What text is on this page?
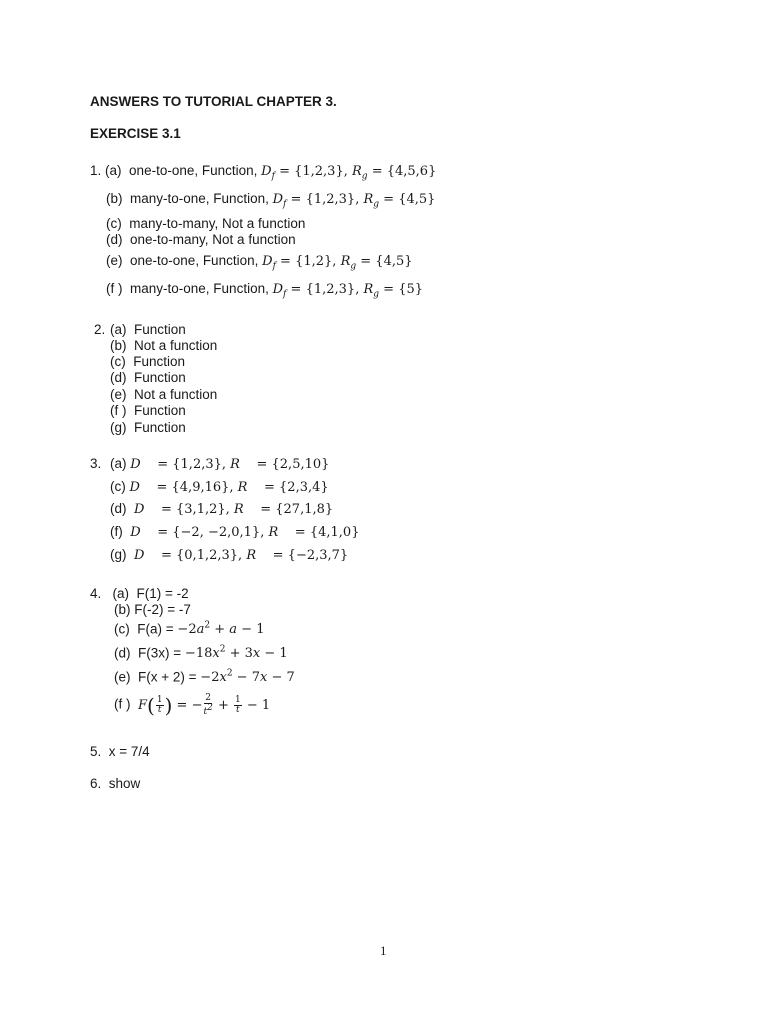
ANSWERS TO TUTORIAL CHAPTER 3.
EXERCISE 3.1
1. (a) one-to-one, Function, $D_f = \{1,2,3\}$, $R_g = \{4,5,6\}$
(b) many-to-one, Function, $D_f = \{1,2,3\}$, $R_g = \{4,5\}$
(c) many-to-many, Not a function
(d) one-to-many, Not a function
(e) one-to-one, Function, $D_f = \{1,2\}$, $R_g = \{4,5\}$
(f ) many-to-one, Function, $D_f = \{1,2,3\}$, $R_g = \{5\}$
2. (a) Function
(b) Not a function
(c) Function
(d) Function
(e) Not a function
(f ) Function
(g) Function
3. (a) D    = {1,2,3}, R    = {2,5,10}
(c) D    = {4,9,16}, R    = {2,3,4}
(d) D    = {3,1,2}, R    = {27,1,8}
(f) D    = {−2, −2,0,1}, R    = {4,1,0}
(g) D    = {0,1,2,3}, R    = {−2,3,7}
4. (a) F(1) = -2
(b) F(-2) = -7
(c) $F(a) = -2a^2 + a - 1$
(d) $F(3x) = -18x^2 + 3x - 1$
(e) $F(x + 2) = -2x^2 - 7x - 7$
(f ) $F( \frac{1}{t}$ ) = − $\frac{2}{t^2} + \frac{1}{t} - 1$
5. x = 7/4
6. show
1
